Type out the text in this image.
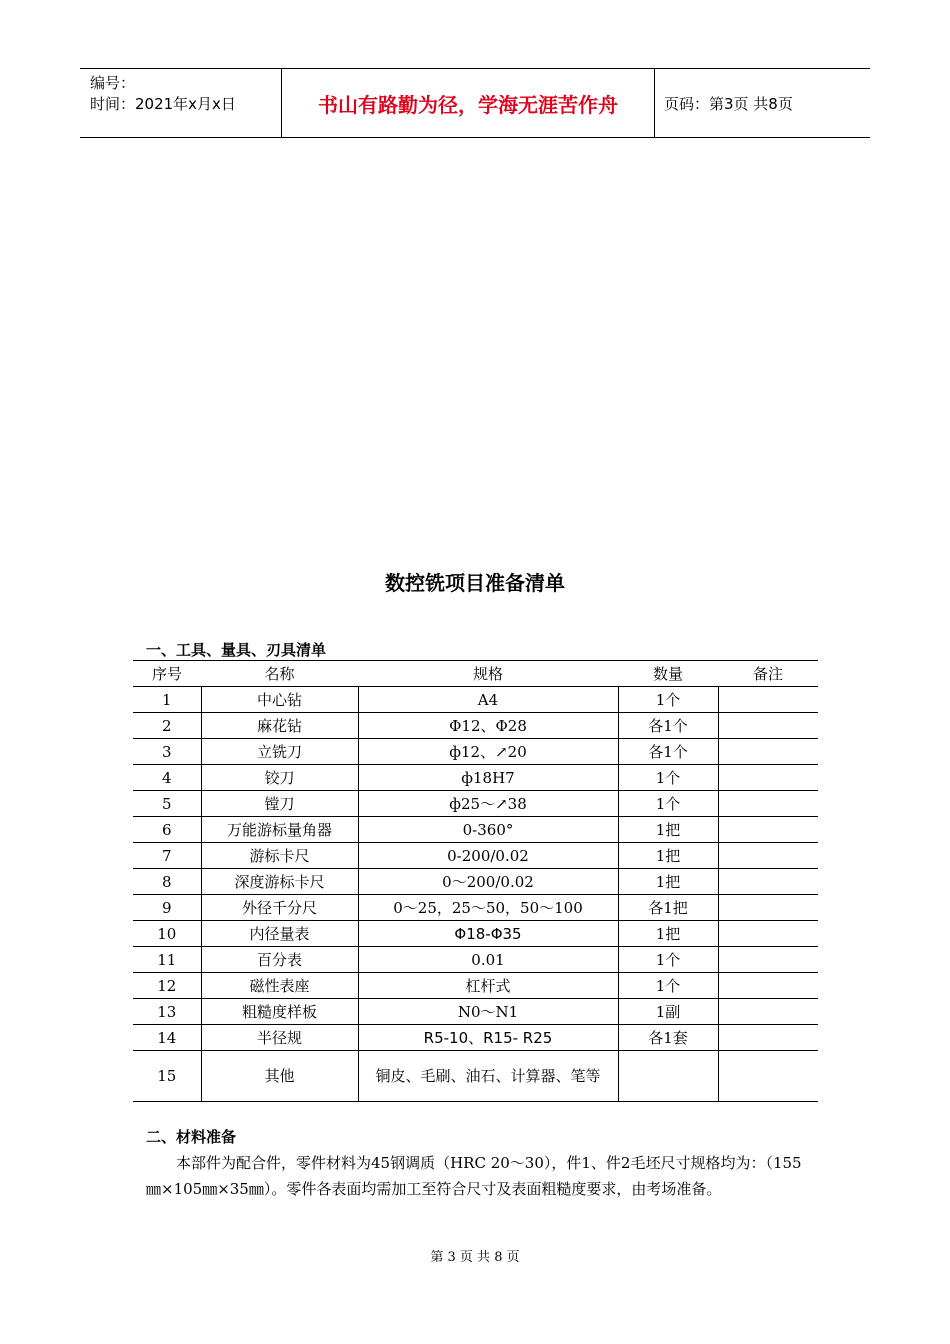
编号：
时间：2021年x月x日	书山有路勤为径，学海无涯苦作舟	页码：第3页 共8页
数控铣项目准备清单
一、工具、量具、刃具清单
序号	名称	规格	数量	备注
1	中心钻	A4	1个	
2	麻花钻	Φ12、Φ28	各1个	
3	立铣刀	ф12、↗20	各1个	
4	铰刀	ф18H7	1个	
5	镗刀	ф25～↗38	1个	
6	万能游标量角器	0-360°	1把	
7	游标卡尺	0-200/0.02	1把	
8	深度游标卡尺	0～200/0.02	1把	
9	外径千分尺	0～25，25～50，50～100	各1把	
10	内径量表	Φ18-Φ35	1把	
11	百分表	0.01	1个	
12	磁性表座	杠杆式	1个	
13	粗糙度样板	N0～N1	1副	
14	半径规	R5-10、R15- R25	各1套	
15	其他	铜皮、毛刷、油石、计算器、笔等		
二、材料准备
本部件为配合件，零件材料为45钢调质（HRC 20～30），件1、件2毛坯尺寸规格均为：（155㎜×105㎜×35㎜）。零件各表面均需加工至符合尺寸及表面粗糙度要求，由考场准备。
第 3 页 共 8 页
